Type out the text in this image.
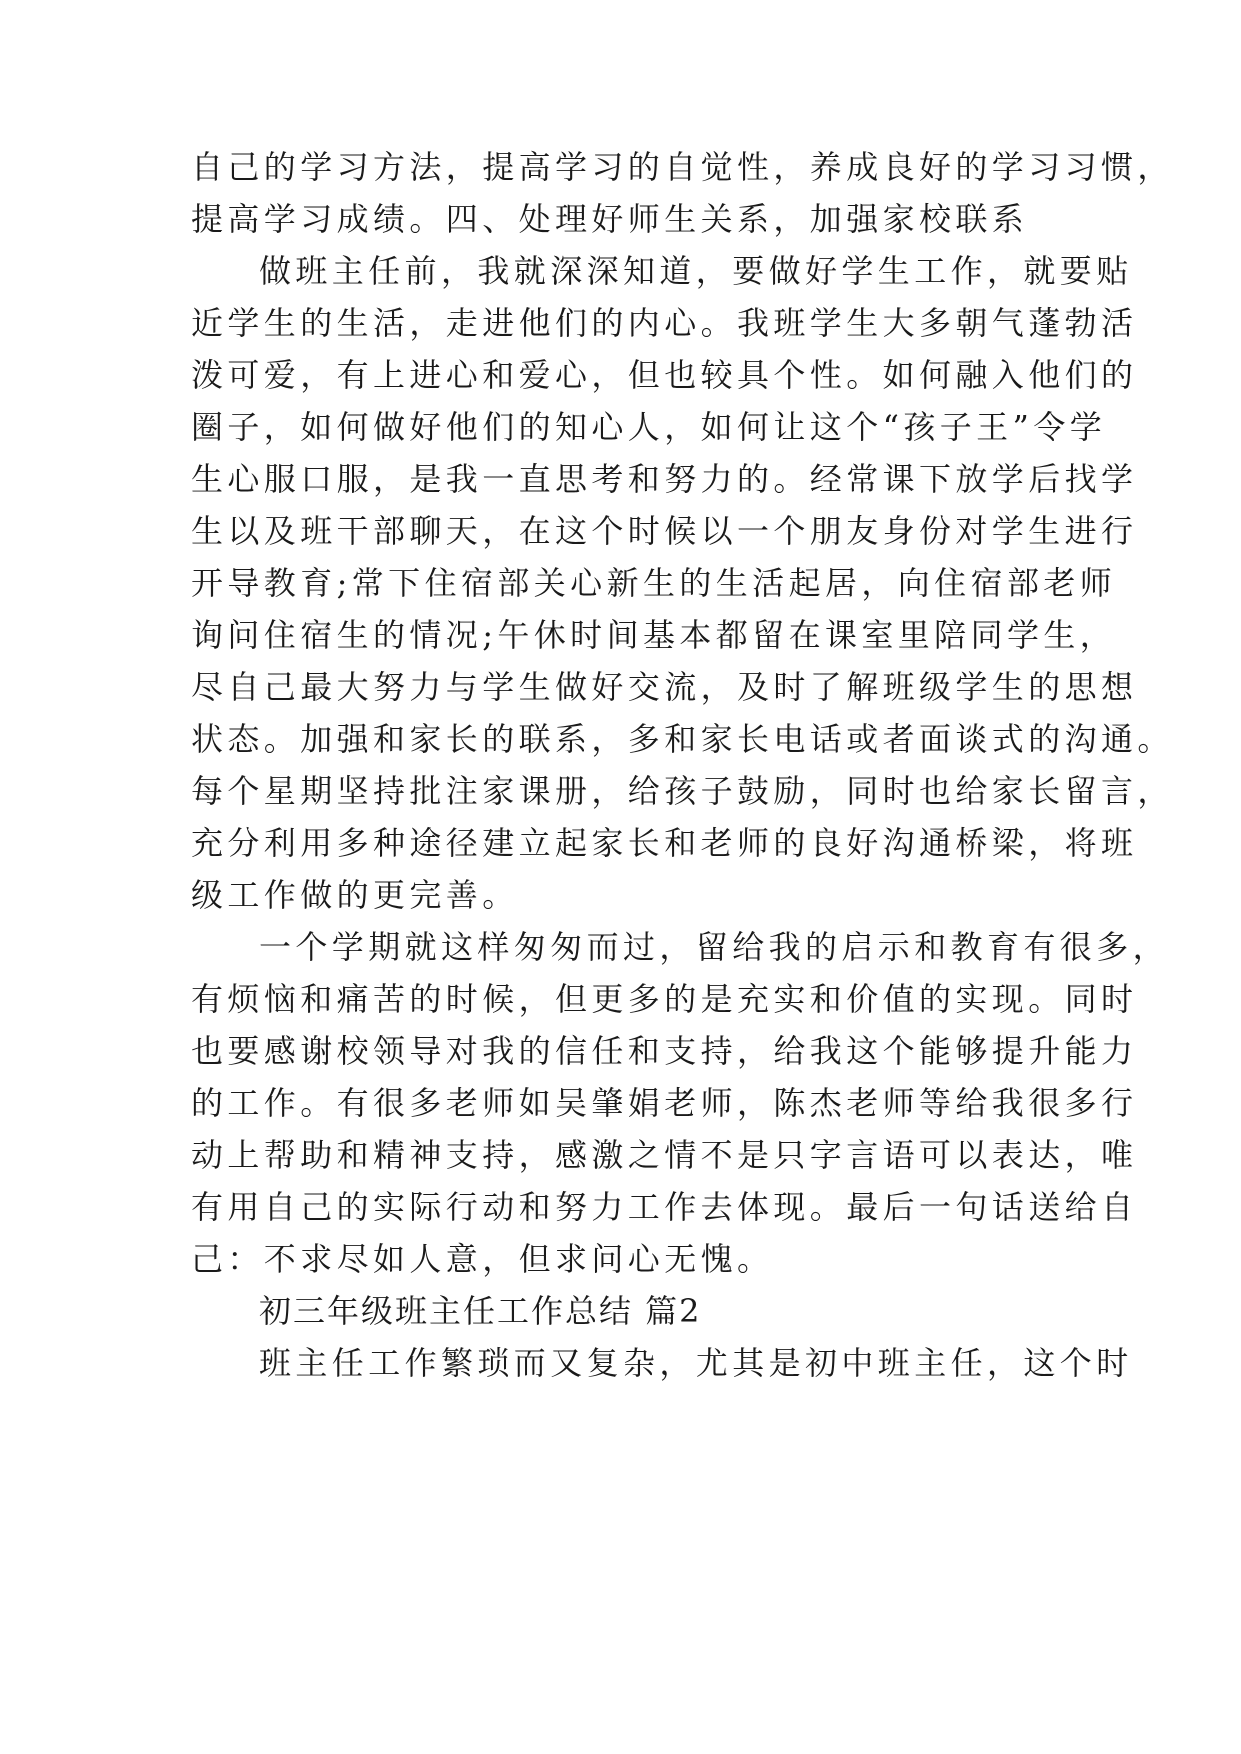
自己的学习方法，提高学习的自觉性，养成良好的学习习惯，
提高学习成绩。四、处理好师生关系，加强家校联系
做班主任前，我就深深知道，要做好学生工作，就要贴
近学生的生活，走进他们的内心。我班学生大多朝气蓬勃活
泼可爱，有上进心和爱心，但也较具个性。如何融入他们的
圈子，如何做好他们的知心人，如何让这个“孩子王”令学
生心服口服，是我一直思考和努力的。经常课下放学后找学
生以及班干部聊天，在这个时候以一个朋友身份对学生进行
开导教育;常下住宿部关心新生的生活起居，向住宿部老师
询问住宿生的情况;午休时间基本都留在课室里陪同学生，
尽自己最大努力与学生做好交流，及时了解班级学生的思想
状态。加强和家长的联系，多和家长电话或者面谈式的沟通。
每个星期坚持批注家课册，给孩子鼓励，同时也给家长留言，
充分利用多种途径建立起家长和老师的良好沟通桥梁，将班
级工作做的更完善。
一个学期就这样匆匆而过，留给我的启示和教育有很多，
有烦恼和痛苦的时候，但更多的是充实和价值的实现。同时
也要感谢校领导对我的信任和支持，给我这个能够提升能力
的工作。有很多老师如吴肇娟老师，陈杰老师等给我很多行
动上帮助和精神支持，感激之情不是只字言语可以表达，唯
有用自己的实际行动和努力工作去体现。最后一句话送给自
己：不求尽如人意，但求问心无愧。
初三年级班主任工作总结 篇2
班主任工作繁琐而又复杂，尤其是初中班主任，这个时
